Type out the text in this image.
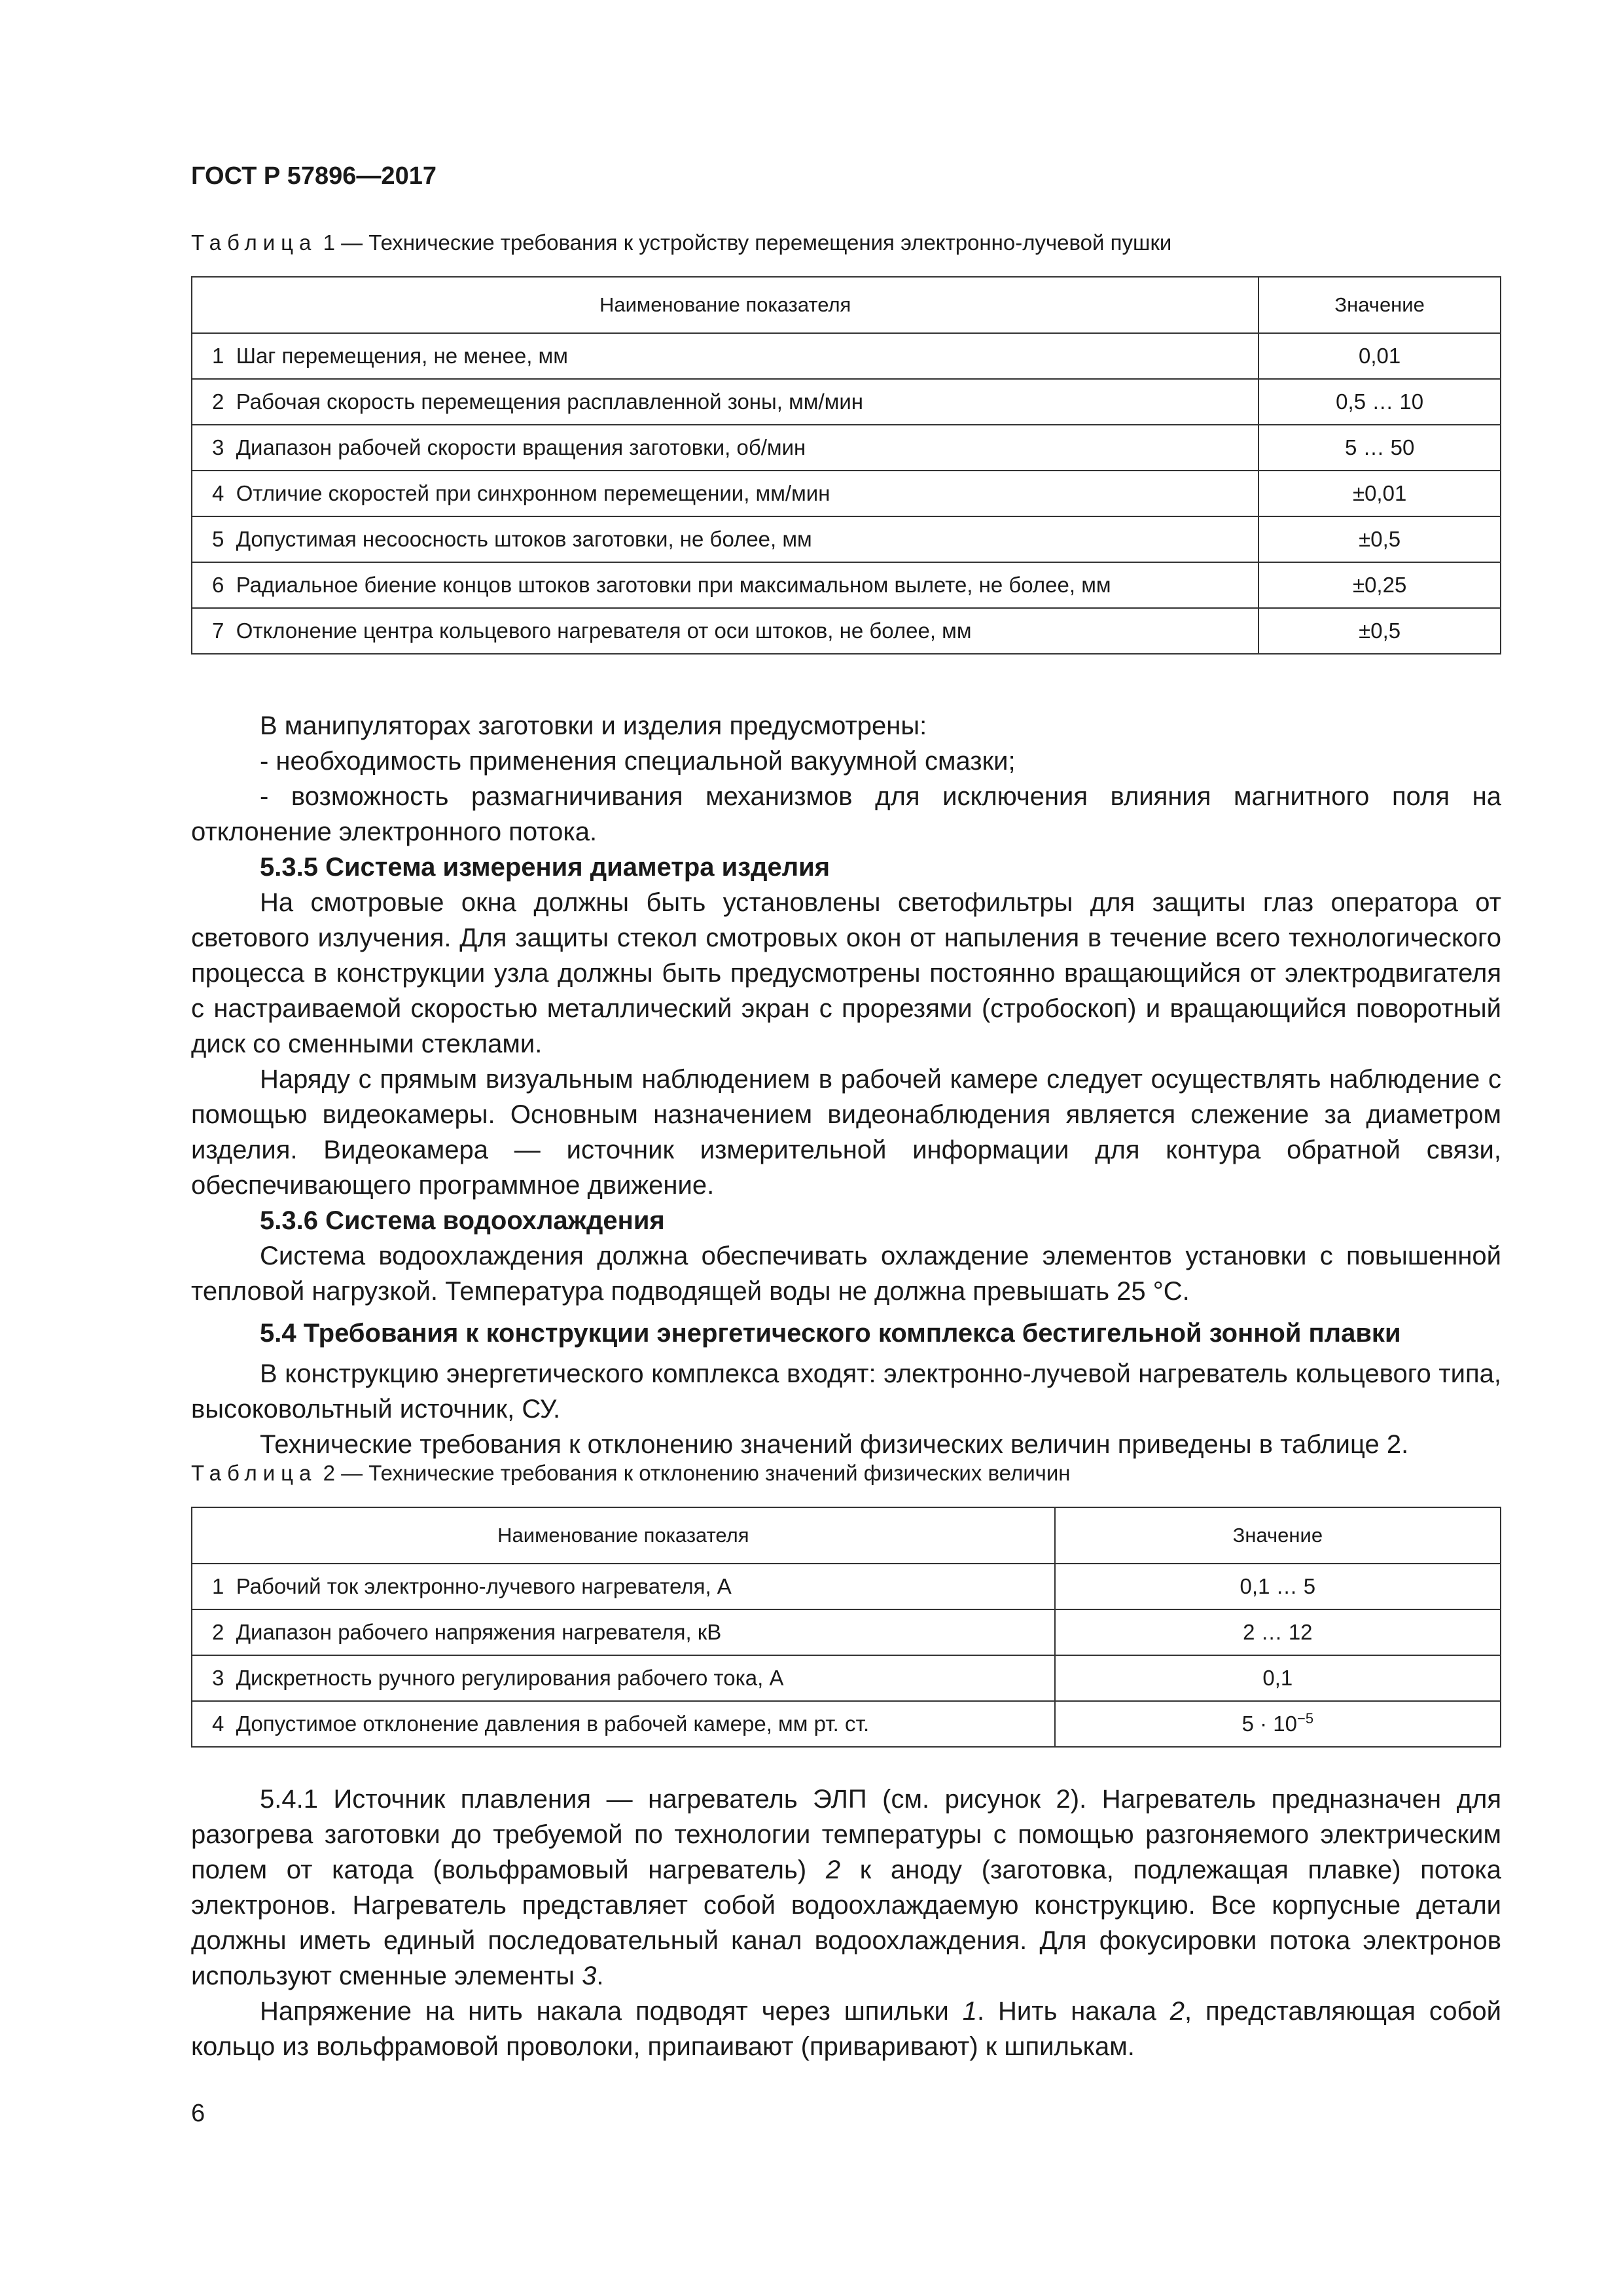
ГОСТ Р 57896—2017
Таблица 1 — Технические требования к устройству перемещения электронно-лучевой пушки
Наименование показателя	Значение
1 Шаг перемещения, не менее, мм	0,01
2 Рабочая скорость перемещения расплавленной зоны, мм/мин	0,5 … 10
3 Диапазон рабочей скорости вращения заготовки, об/мин	5 … 50
4 Отличие скоростей при синхронном перемещении, мм/мин	±0,01
5 Допустимая несоосность штоков заготовки, не более, мм	±0,5
6 Радиальное биение концов штоков заготовки при максимальном вылете, не более, мм	±0,25
7 Отклонение центра кольцевого нагревателя от оси штоков, не более, мм	±0,5

В манипуляторах заготовки и изделия предусмотрены:

- необходимость применения специальной вакуумной смазки;

- возможность размагничивания механизмов для исключения влияния магнитного поля на отклонение электронного потока.

5.3.5 Система измерения диаметра изделия

На смотровые окна должны быть установлены светофильтры для защиты глаз оператора от светового излучения. Для защиты стекол смотровых окон от напыления в течение всего технологического процесса в конструкции узла должны быть предусмотрены постоянно вращающийся от электродвигателя с настраиваемой скоростью металлический экран с прорезями (стробоскоп) и вращающийся поворотный диск со сменными стеклами.

Наряду с прямым визуальным наблюдением в рабочей камере следует осуществлять наблюдение с помощью видеокамеры. Основным назначением видеонаблюдения является слежение за диаметром изделия. Видеокамера — источник измерительной информации для контура обратной связи, обеспечивающего программное движение.

5.3.6 Система водоохлаждения

Система водоохлаждения должна обеспечивать охлаждение элементов установки с повышенной тепловой нагрузкой. Температура подводящей воды не должна превышать 25 °С.

5.4 Требования к конструкции энергетического комплекса бестигельной зонной плавки

В конструкцию энергетического комплекса входят: электронно-лучевой нагреватель кольцевого типа, высоковольтный источник, СУ.

Технические требования к отклонению значений физических величин приведены в таблице 2.

Таблица 2 — Технические требования к отклонению значений физических величин
Наименование показателя	Значение
1 Рабочий ток электронно-лучевого нагревателя, А	0,1 … 5
2 Диапазон рабочего напряжения нагревателя, кВ	2 … 12
3 Дискретность ручного регулирования рабочего тока, А	0,1
4 Допустимое отклонение давления в рабочей камере, мм рт. ст.	$5 \cdot 10^{-5}$

5.4.1 Источник плавления — нагреватель ЭЛП (см. рисунок 2). Нагреватель предназначен для разогрева заготовки до требуемой по технологии температуры с помощью разгоняемого электрическим полем от катода (вольфрамовый нагреватель) 2 к аноду (заготовка, подлежащая плавке) потока электронов. Нагреватель представляет собой водоохлаждаемую конструкцию. Все корпусные детали должны иметь единый последовательный канал водоохлаждения. Для фокусировки потока электронов используют сменные элементы 3.

Напряжение на нить накала подводят через шпильки 1. Нить накала 2, представляющая собой кольцо из вольфрамовой проволоки, припаивают (приваривают) к шпилькам.

6
